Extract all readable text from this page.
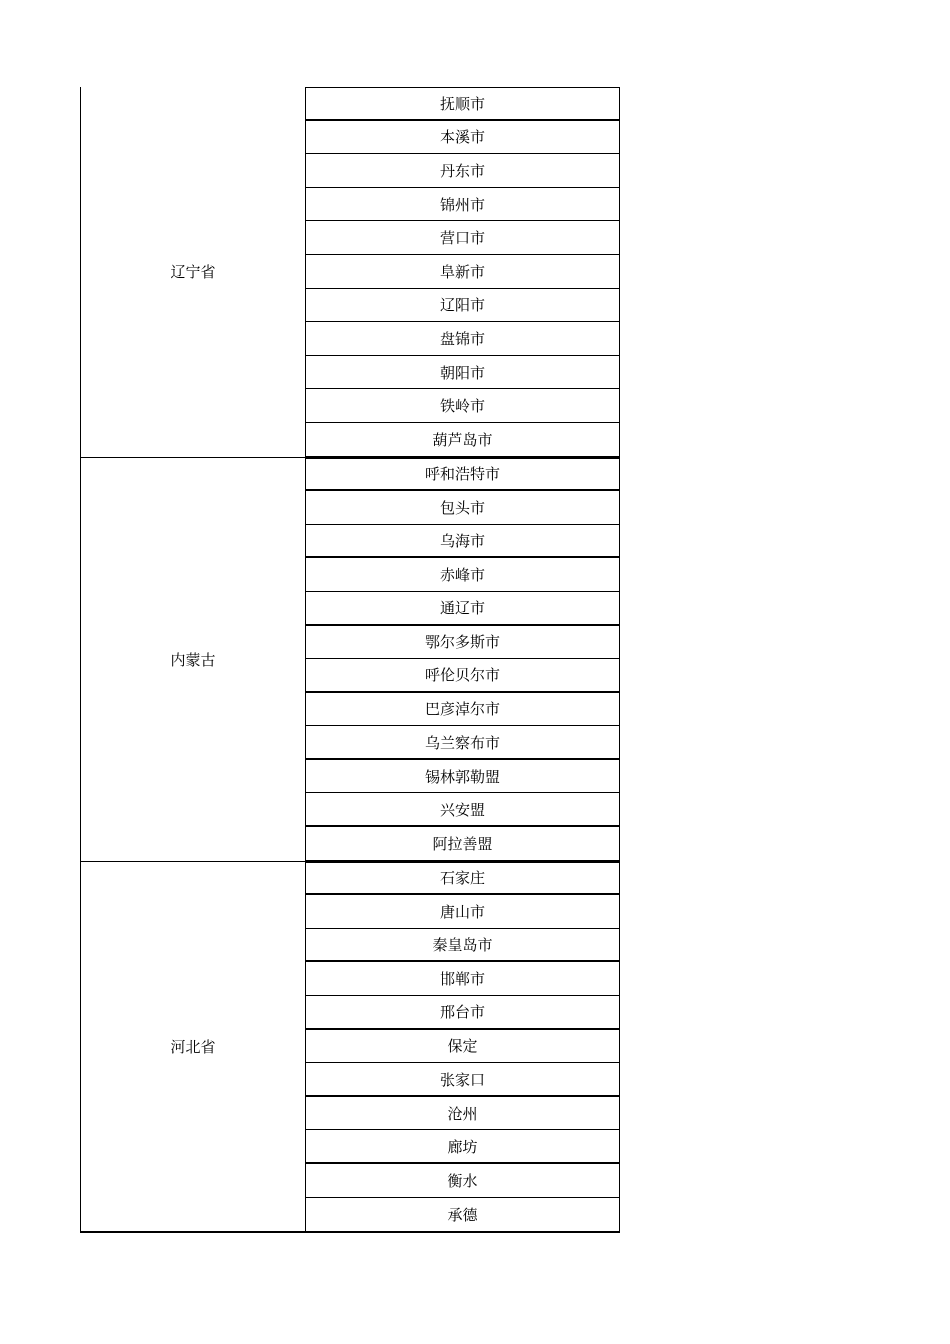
辽宁省
抚顺市
本溪市
丹东市
锦州市
营口市
阜新市
辽阳市
盘锦市
朝阳市
铁岭市
葫芦岛市
内蒙古
呼和浩特市
包头市
乌海市
赤峰市
通辽市
鄂尔多斯市
呼伦贝尔市
巴彦淖尔市
乌兰察布市
锡林郭勒盟
兴安盟
阿拉善盟
河北省
石家庄
唐山市
秦皇岛市
邯郸市
邢台市
保定
张家口
沧州
廊坊
衡水
承德
